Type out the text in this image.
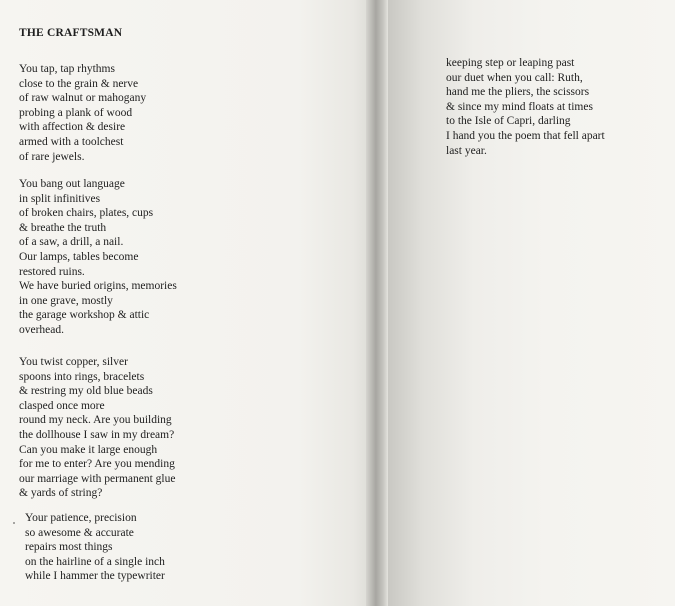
THE CRAFTSMAN
You tap, tap rhythms
close to the grain & nerve
of raw walnut or mahogany
probing a plank of wood
with affection & desire
armed with a toolchest
of rare jewels.
You bang out language
in split infinitives
of broken chairs, plates, cups
& breathe the truth
of a saw, a drill, a nail.
Our lamps, tables become
restored ruins.
We have buried origins, memories
in one grave, mostly
the garage workshop & attic
overhead.
You twist copper, silver
spoons into rings, bracelets
& restring my old blue beads
clasped once more
round my neck. Are you building
the dollhouse I saw in my dream?
Can you make it large enough
for me to enter? Are you mending
our marriage with permanent glue
& yards of string?
Your patience, precision
so awesome & accurate
repairs most things
on the hairline of a single inch
while I hammer the typewriter
keeping step or leaping past
our duet when you call: Ruth,
hand me the pliers, the scissors
& since my mind floats at times
to the Isle of Capri, darling
I hand you the poem that fell apart
last year.
